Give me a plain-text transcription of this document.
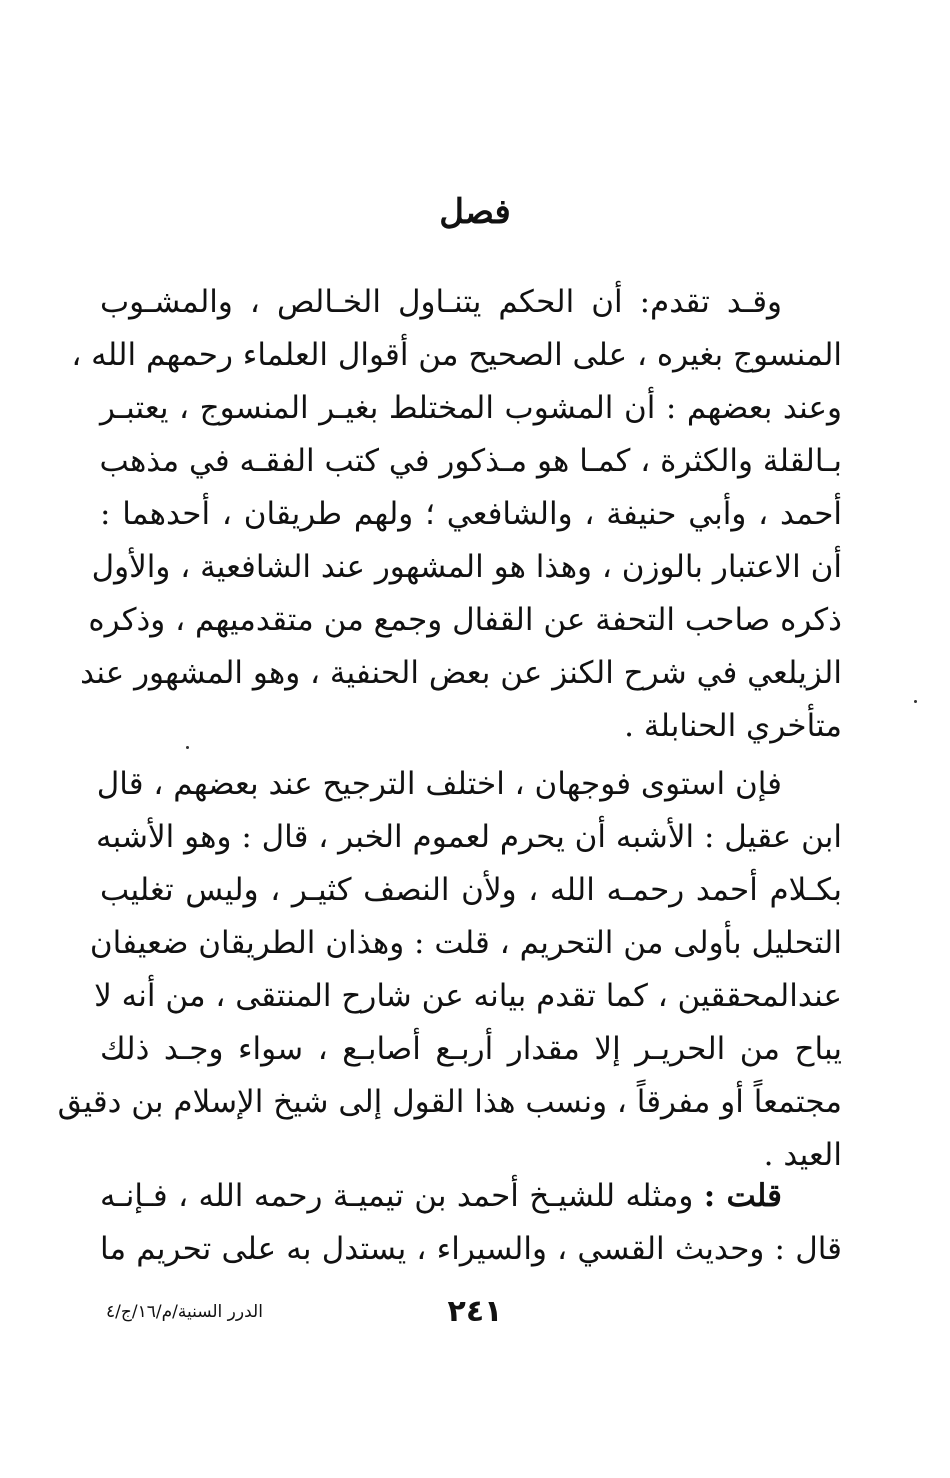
فصل
وقـد تقدم: أن الحكم يتنـاول الخـالص ، والمشـوب
المنسوج بغيره ، على الصحيح من أقوال العلماء رحمهم الله ،
وعند بعضهم : أن المشوب المختلط بغيـر المنسوج ، يعتبـر
بـالقلة والكثرة ، كمـا هو مـذكور في كتب الفقـه في مذهب
أحمد ، وأبي حنيفة ، والشافعي ؛ ولهم طريقان ، أحدهما :
أن الاعتبار بالوزن ، وهذا هو المشهور عند الشافعية ، والأول
ذكره صاحب التحفة عن القفال وجمع من متقدميهم ، وذكره
الزيلعي في شرح الكنز عن بعض الحنفية ، وهو المشهور عند
متأخري الحنابلة .
فإن استوى فوجهان ، اختلف الترجيح عند بعضهم ، قال
ابن عقيل : الأشبه أن يحرم لعموم الخبر ، قال : وهو الأشبه
بكـلام أحمد رحمـه الله ، ولأن النصف كثيـر ، وليس تغليب
التحليل بأولى من التحريم ، قلت : وهذان الطريقان ضعيفان
عندالمحققين ، كما تقدم بيانه عن شارح المنتقى ، من أنه لا
يباح من الحريـر إلا مقدار أربـع أصابـع ، سواء وجـد ذلك
مجتمعاً أو مفرقاً ، ونسب هذا القول إلى شيخ الإسلام بن دقيق
العيد .
قلت : ومثله للشيـخ أحمد بن تيميـة رحمه الله ، فـإنـه
قال : وحديث القسي ، والسيراء ، يستدل به على تحريم ما
٢٤١
الدرر السنية/م/١٦/ج/٤
